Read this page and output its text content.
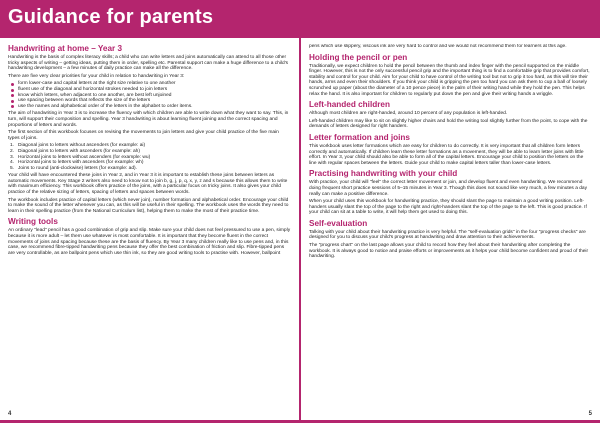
Guidance for parents
Handwriting at home – Year 3

Handwriting is the basis of complex literacy skills; a child who can write letters and joins automatically can attend to all those other tricky aspects of writing – getting ideas, putting them in order, spelling etc. Parental support can make a huge difference to a child's handwriting development – a few minutes of daily practice can make all the difference.

There are five very clear priorities for your child in relation to handwriting in Year 3:

form lower-case and capital letters at the right size relative to one another
fluent use of the diagonal and horizontal strokes needed to join letters
know which letters, when adjacent to one another, are best left unjoined
use spacing between words that reflects the size of the letters
use the names and alphabetical order of the letters in the alphabet to order items.

The aim of handwriting in Year 3 is to increase the fluency with which children are able to write down what they want to say. This, in turn, will support their composition and spelling. Year 3 handwriting is about learning fluent joining and the correct spacing and proportions of letters and words.

The first section of this workbook focuses on revising the movements to join letters and give your child practice of the five main types of joins.

1. Diagonal joins to letters without ascenders (for example: ai)
2. Diagonal joins to letters with ascenders (for example: ah)
3. Horizontal joins to letters without ascenders (for example: wu)
4. Horizontal joins to letters with ascenders (for example: wh)
5. Joins to round (anti-clockwise) letters (for example: ad).

Your child will have encountered these joins in Year 2, and in Year 3 it is important to establish these joins between letters as automatic movements. Key Stage 2 writers also need to know not to join b, g, j, p, q, x, y, z and s because this allows them to write with maximum efficiency. This workbook offers practice of the joins, with a particular focus on tricky joins. It also gives your child practice of the relative sizing of letters, spacing of letters and spaces between words.

The workbook includes practice of capital letters (which never join), number formation and alphabetical order. Encourage your child to make the sound of the letter whenever you can, as this will be useful in their spelling. The workbook uses the words they need to learn in their spelling practice (from the National Curriculum list), helping them to make the most of their practice time.

Writing tools

An ordinary "lead" pencil has a good combination of grip and slip. Make sure your child does not feel pressured to use a pen, simply because it is more adult – let them use whatever is most comfortable. It is important that they become fluent in the correct movements of joins and spacing because these are the basis of fluency. By Year 3 many children really like to use pens and, in this case, we recommend fibre-tipped handwriting pens because they offer the best combination of friction and slip. Fibre-tipped pens are very controllable, as are ballpoint pens which use thin ink, so they are good writing tools to practise with. However, ballpoint

4

pens which use slippery, viscous ink are very hard to control and we would not recommend them for learners at this age.

Holding the pencil or pen

Traditionally, we expect children to hold the pencil between the thumb and index finger with the pencil supported on the middle finger. However, this is not the only successful pencil grip and the important thing is to find a comfortable grip that provides comfort, stability and control for your child. Aim for your child to have control of the writing tool but not to grip it too hard, as this will tire their hands, arms and even their shoulders. If you think your child is gripping the pen too hard you can ask them to cup a ball of loosely scrunched up paper (about the diameter of a 10 pence piece) in the palm of their writing hand while they hold the pen. This helps relax the hand. It is also important for children to regularly put down the pen and give their writing hands a wriggle.

Left-handed children

Although most children are right-handed, around 10 percent of any population is left-handed.

Left-handed children may like to sit on slightly higher chairs and hold the writing tool slightly further from the point, to cope with the demands of letters designed for right handers.

Letter formation and joins

This workbook uses letter formations which are easy for children to do correctly. It is very important that all children form letters correctly and automatically. If children learn these letter formations as a movement, they will be able to learn letter joins with little effort. In Year 3, your child should also be able to form all of the capital letters. Encourage your child to position the letters on the line with regular spaces between the letters. Guide your child to make capital letters taller than lower-case letters.

Practising handwriting with your child

With practice, your child will "feel" the correct letter movement or join, and develop fluent and even handwriting. We recommend doing frequent short practice sessions of 5–15 minutes in Year 3. Though this does not sound like very much, a few minutes a day really can make a positive difference.

When your child uses this workbook for handwriting practice, they should slant the page to maintain a good writing position. Left-handers usually slant the top of the page to the right and right-handers slant the top of the page to the left. This is good practice. If your child can sit at a table to write, it will help them get used to doing this.

Self-evaluation

Talking with your child about their handwriting practice is very helpful. The "self-evaluation grids" in the four "progress checks" are designed for you to discuss your child's progress at handwriting and draw attention to their achievements.

The "progress chart" on the last page allows your child to record how they feel about their handwriting after completing the workbook. It is always good to notice and praise efforts or improvements as it helps your child become confident and proud of their handwriting.

5
